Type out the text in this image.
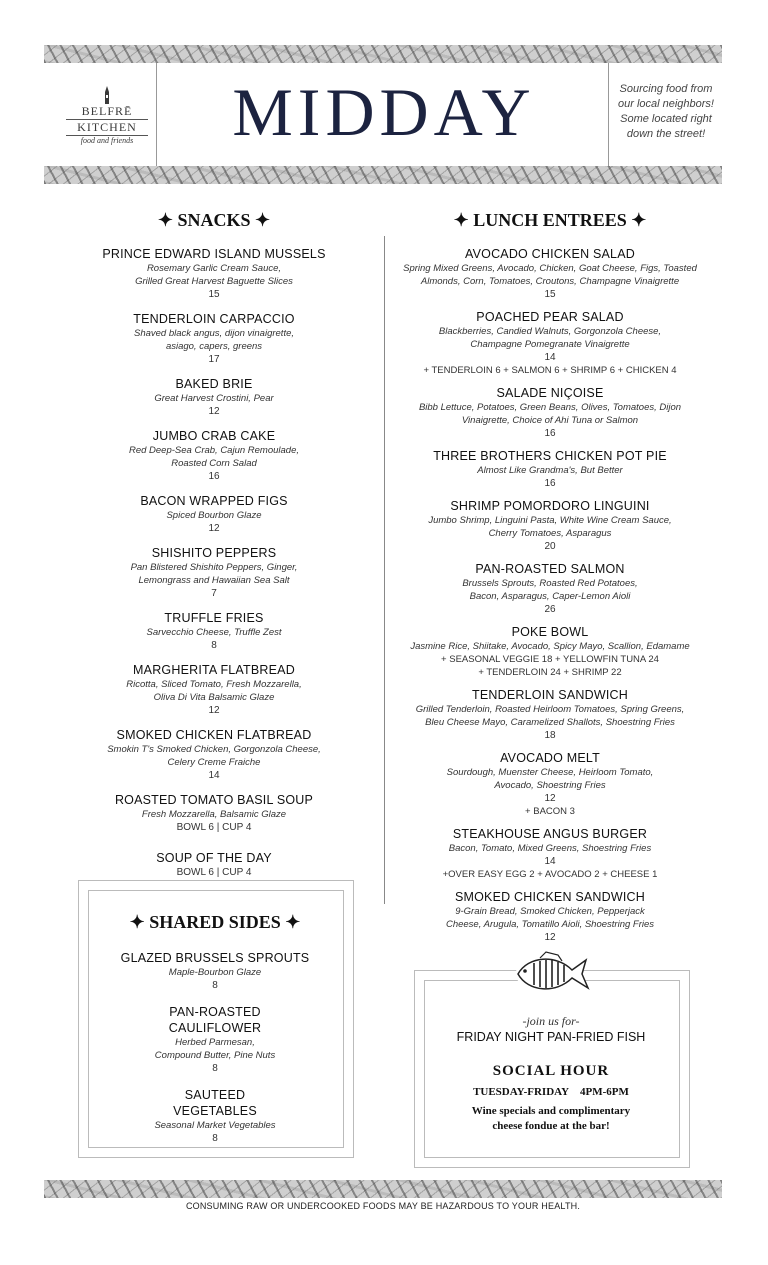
BELFRĒ
KITCHEN
food and friends	MIDDAY	Sourcing food from our local neighbors! Some located right down the street!
✦ SNACKS ✦
PRINCE EDWARD ISLAND MUSSELS
Rosemary Garlic Cream Sauce,
Grilled Great Harvest Baguette Slices
15
TENDERLOIN CARPACCIO
Shaved black angus, dijon vinaigrette,
asiago, capers, greens
17
BAKED BRIE
Great Harvest Crostini, Pear
12
JUMBO CRAB CAKE
Red Deep-Sea Crab, Cajun Remoulade,
Roasted Corn Salad
16
BACON WRAPPED FIGS
Spiced Bourbon Glaze
12
SHISHITO PEPPERS
Pan Blistered Shishito Peppers, Ginger,
Lemongrass and Hawaiian Sea Salt
7
TRUFFLE FRIES
Sarvecchio Cheese, Truffle Zest
8
MARGHERITA FLATBREAD
Ricotta, Sliced Tomato, Fresh Mozzarella,
Oliva Di Vita Balsamic Glaze
12
SMOKED CHICKEN FLATBREAD
Smokin T's Smoked Chicken, Gorgonzola Cheese,
Celery Creme Fraiche
14
ROASTED TOMATO BASIL SOUP
Fresh Mozzarella, Balsamic Glaze
BOWL 6 | CUP 4
SOUP OF THE DAY
BOWL 6 | CUP 4
✦ SHARED SIDES ✦
GLAZED BRUSSELS SPROUTS
Maple-Bourbon Glaze
8
PAN-ROASTED
CAULIFLOWER
Herbed Parmesan,
Compound Butter, Pine Nuts
8
SAUTEED
VEGETABLES
Seasonal Market Vegetables
8
✦ LUNCH ENTREES ✦
AVOCADO CHICKEN SALAD
Spring Mixed Greens, Avocado, Chicken, Goat Cheese, Figs, Toasted
Almonds, Corn, Tomatoes, Croutons, Champagne Vinaigrette
15
POACHED PEAR SALAD
Blackberries, Candied Walnuts, Gorgonzola Cheese,
Champagne Pomegranate Vinaigrette
14
+ TENDERLOIN 6 + SALMON 6 + SHRIMP 6 + CHICKEN 4
SALADE NIÇOISE
Bibb Lettuce, Potatoes, Green Beans, Olives, Tomatoes, Dijon
Vinaigrette, Choice of Ahi Tuna or Salmon
16
THREE BROTHERS CHICKEN POT PIE
Almost Like Grandma's, But Better
16
SHRIMP POMORDORO LINGUINI
Jumbo Shrimp, Linguini Pasta, White Wine Cream Sauce,
Cherry Tomatoes, Asparagus
20
PAN-ROASTED SALMON
Brussels Sprouts, Roasted Red Potatoes,
Bacon, Asparagus, Caper-Lemon Aioli
26
POKE BOWL
Jasmine Rice, Shiitake, Avocado, Spicy Mayo, Scallion, Edamame
+ SEASONAL VEGGIE 18 + YELLOWFIN TUNA 24
+ TENDERLOIN 24 + SHRIMP 22
TENDERLOIN SANDWICH
Grilled Tenderloin, Roasted Heirloom Tomatoes, Spring Greens,
Bleu Cheese Mayo, Caramelized Shallots, Shoestring Fries
18
AVOCADO MELT
Sourdough, Muenster Cheese, Heirloom Tomato,
Avocado, Shoestring Fries
12
+ BACON 3
STEAKHOUSE ANGUS BURGER
Bacon, Tomato, Mixed Greens, Shoestring Fries
14
+OVER EASY EGG 2 + AVOCADO 2 + CHEESE 1
SMOKED CHICKEN SANDWICH
9-Grain Bread, Smoked Chicken, Pepperjack
Cheese, Arugula, Tomatillo Aioli, Shoestring Fries
12
-join us for-
FRIDAY NIGHT PAN-FRIED FISH
SOCIAL HOUR
TUESDAY-FRIDAY 4PM-6PM
Wine specials and complimentary
cheese fondue at the bar!
CONSUMING RAW OR UNDERCOOKED FOODS MAY BE HAZARDOUS TO YOUR HEALTH.
